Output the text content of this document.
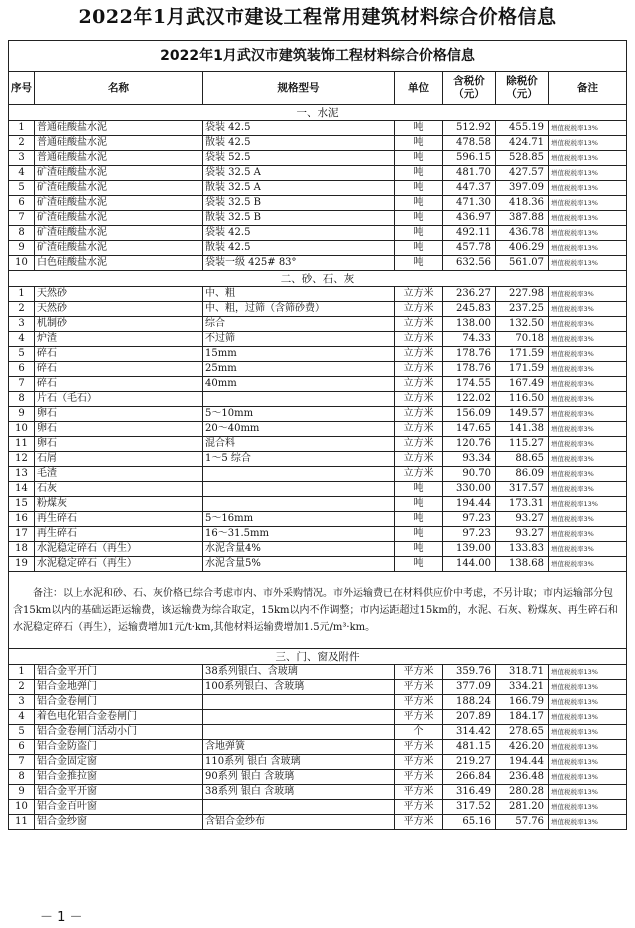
2022年1月武汉市建设工程常用建筑材料综合价格信息
2022年1月武汉市建筑装饰工程材料综合价格信息						
序号	名称	规格型号	单位	含税价（元）	除税价（元）	备注
一、水泥						
1	普通硅酸盐水泥	袋装 42.5	吨	512.92	455.19	增值税税率13%
2	普通硅酸盐水泥	散装 42.5	吨	478.58	424.71	增值税税率13%
3	普通硅酸盐水泥	袋装 52.5	吨	596.15	528.85	增值税税率13%
4	矿渣硅酸盐水泥	袋装 32.5 A	吨	481.70	427.57	增值税税率13%
5	矿渣硅酸盐水泥	散装 32.5 A	吨	447.37	397.09	增值税税率13%
6	矿渣硅酸盐水泥	袋装 32.5 B	吨	471.30	418.36	增值税税率13%
7	矿渣硅酸盐水泥	散装 32.5 B	吨	436.97	387.88	增值税税率13%
8	矿渣硅酸盐水泥	袋装 42.5	吨	492.11	436.78	增值税税率13%
9	矿渣硅酸盐水泥	散装 42.5	吨	457.78	406.29	增值税税率13%
10	白色硅酸盐水泥	袋装一级 425# 83°	吨	632.56	561.07	增值税税率13%
二、砂、石、灰						
1	天然砂	中、粗	立方米	236.27	227.98	增值税税率3%
2	天然砂	中、粗，过筛（含筛砂费）	立方米	245.83	237.25	增值税税率3%
3	机制砂	综合	立方米	138.00	132.50	增值税税率3%
4	炉渣	不过筛	立方米	74.33	70.18	增值税税率3%
5	碎石	15mm	立方米	178.76	171.59	增值税税率3%
6	碎石	25mm	立方米	178.76	171.59	增值税税率3%
7	碎石	40mm	立方米	174.55	167.49	增值税税率3%
8	片石（毛石）		立方米	122.02	116.50	增值税税率3%
9	卵石	5～10mm	立方米	156.09	149.57	增值税税率3%
10	卵石	20～40mm	立方米	147.65	141.38	增值税税率3%
11	卵石	混合料	立方米	120.76	115.27	增值税税率3%
12	石屑	1～5 综合	立方米	93.34	88.65	增值税税率3%
13	毛渣		立方米	90.70	86.09	增值税税率3%
14	石灰		吨	330.00	317.57	增值税税率3%
15	粉煤灰		吨	194.44	173.31	增值税税率13%
16	再生碎石	5～16mm	吨	97.23	93.27	增值税税率3%
17	再生碎石	16～31.5mm	吨	97.23	93.27	增值税税率3%
18	水泥稳定碎石（再生）	水泥含量4%	吨	139.00	133.83	增值税税率3%
19	水泥稳定碎石（再生）	水泥含量5%	吨	144.00	138.68	增值税税率3%
备注：以上水泥和砂、石、灰价格已综合考虑市内、市外采购情况。市外运输费已在材料供应价中考虑，不另计取；市内运输部分包含15km以内的基础运距运输费，该运输费为综合取定，15km以内不作调整；市内运距超过15km的，水泥、石灰、粉煤灰、再生碎石和水泥稳定碎石（再生），运输费增加1元/t·km,其他材料运输费增加1.5元/m³·km。						
三、门、窗及附件						
1	铝合金平开门	38系列银白、含玻璃	平方米	359.76	318.71	增值税税率13%
2	铝合金地弹门	100系列银白、含玻璃	平方米	377.09	334.21	增值税税率13%
3	铝合金卷闸门		平方米	188.24	166.79	增值税税率13%
4	着色电化铝合金卷闸门		平方米	207.89	184.17	增值税税率13%
5	铝合金卷闸门活动小门		个	314.42	278.65	增值税税率13%
6	铝合金防盗门	含地弹簧	平方米	481.15	426.20	增值税税率13%
7	铝合金固定窗	110系列 银白 含玻璃	平方米	219.27	194.44	增值税税率13%
8	铝合金推拉窗	90系列 银白 含玻璃	平方米	266.84	236.48	增值税税率13%
9	铝合金平开窗	38系列 银白 含玻璃	平方米	316.49	280.28	增值税税率13%
10	铝合金百叶窗		平方米	317.52	281.20	增值税税率13%
11	铝合金纱窗	含铝合金纱布	平方米	65.16	57.76	增值税税率13%
－ 1 －
